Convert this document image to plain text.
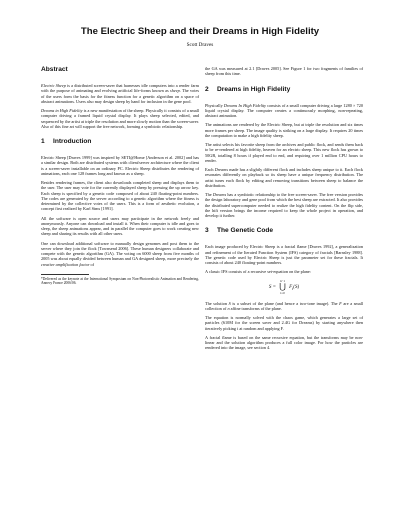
The Electric Sheep and their Dreams in High Fidelity
Scott Draves
Abstract

Electric Sheep is a distributed screen-saver that harnesses idle computers into a render farm with the purpose of animating and evolving artificial life-forms known as sheep. The votes of the users form the basis for the fitness function for a genetic algorithm on a space of abstract animations. Users also may design sheep by hand for inclusion in the gene pool.

Dreams in High Fidelity is a new manifestation of the sheep. Physically it consists of a small computer driving a framed liquid crystal display. It plays sheep selected, edited, and sequenced by the artist at triple the resolution and more slowly motion than the screen-saver. Also of this fine art will support the free network, forming a symbiotic relationship.

1 Introduction

Electric Sheep [Draves 1999] was inspired by SETI@Home [Anderson et al. 2002] and has a similar design. Both are distributed systems with client/server architecture where the client is a screen-saver installable on an ordinary PC. Electric Sheep distributes the rendering of animations, each one 128 frames long and known as a sheep.

Besides rendering frames, the client also downloads completed sheep and displays them to the user. The user may vote for the currently displayed sheep by pressing the up arrow key. Each sheep is specified by a genetic code composed of about 240 floating-point numbers. The codes are generated by the server according to a genetic algorithm where the fitness is determined by the collective votes of the users. This is a form of aesthetic evolution, a concept first realized by Karl Sims [1991].

All the software is open source and users may participate in the network freely and anonymously. Anyone can download and install it. When their computer is idle and goes to sleep, the sheep animations appear, and in parallel the computer goes to work creating new sheep and sharing its results with all other users.

One can download additional software to manually design genomes and post them to the server where they join the flock [Townsend 2006]. These human designers collaborate and compete with the genetic algorithm (GA). The voting on 6000 sheep from five months of 2005 was about equally divided between human and GA designed sheep, more precisely the creative amplification factor of

*Delivered as the keynote at the International Symposium on Non-Photorealistic Animation and Rendering, Annecy France 2006/06.

the GA was measured at 2.1 [Draves 2005]. See Figure 1 for two fragments of families of sheep from this time.

2 Dreams in High Fidelity

Physically Dreams In High Fidelity consists of a small computer driving a large 1280 × 720 liquid crystal display. The computer creates a continuously morphing, non-repeating, abstract animation.

The animations are rendered by the Electric Sheep, but at triple the resolution and six times more frames per sheep. The image quality is striking on a large display. It requires 20 times the computation to make a high fidelity sheep.

The artist selects his favorite sheep from the archives and public flock, and sends them back to be re-rendered at high fidelity, heaven for an electric sheep. This new flock has grown to 50GB, totalling 8 hours if played end to end, and requiring over 1 million CPU hours to render.

Each Dreams made has a slightly different flock and includes sheep unique to it. Each flock resonates differently on playback so its sheep have a unique frequency distribution. The artist tunes each flock by editing and removing transitions between sheep to balance the distribution.

The Dreams has a symbiotic relationship to the free screen-saver. The free version provides the design laboratory and gene pool from which the best sheep are extracted. It also provides the distributed supercomputer needed to realize the high fidelity content. On the flip side, the hifi version brings the income required to keep the whole project in operation, and develop it further.

3 The Genetic Code

Each image produced by Electric Sheep is a fractal flame [Draves 1992], a generalization and refinement of the Iterated Function System (IFS) category of fractals [Barnsley 1988]. The genetic code used by Electric Sheep is just the parameter set for these fractals. It consists of about 240 floating-point numbers.

A classic IFS consists of a recursive set-equation on the plane:

S =
n−1
⋃
i=0
$F_i(S)$

The solution S is a subset of the plane (and hence a two-tone image). The F are a small collection of n affine transforms of the plane.

The equation is normally solved with the chaos game, which generates a large set of particles (610M for the screen saver and 2.4G for Dreams) by starting anywhere then iteratively picking i at random and applying F.

A fractal flame is based on the same recursive equation, but the transforms may be non-linear and the solution algorithm produces a full color image. For how the particles are rendered into the image, see section 4.
